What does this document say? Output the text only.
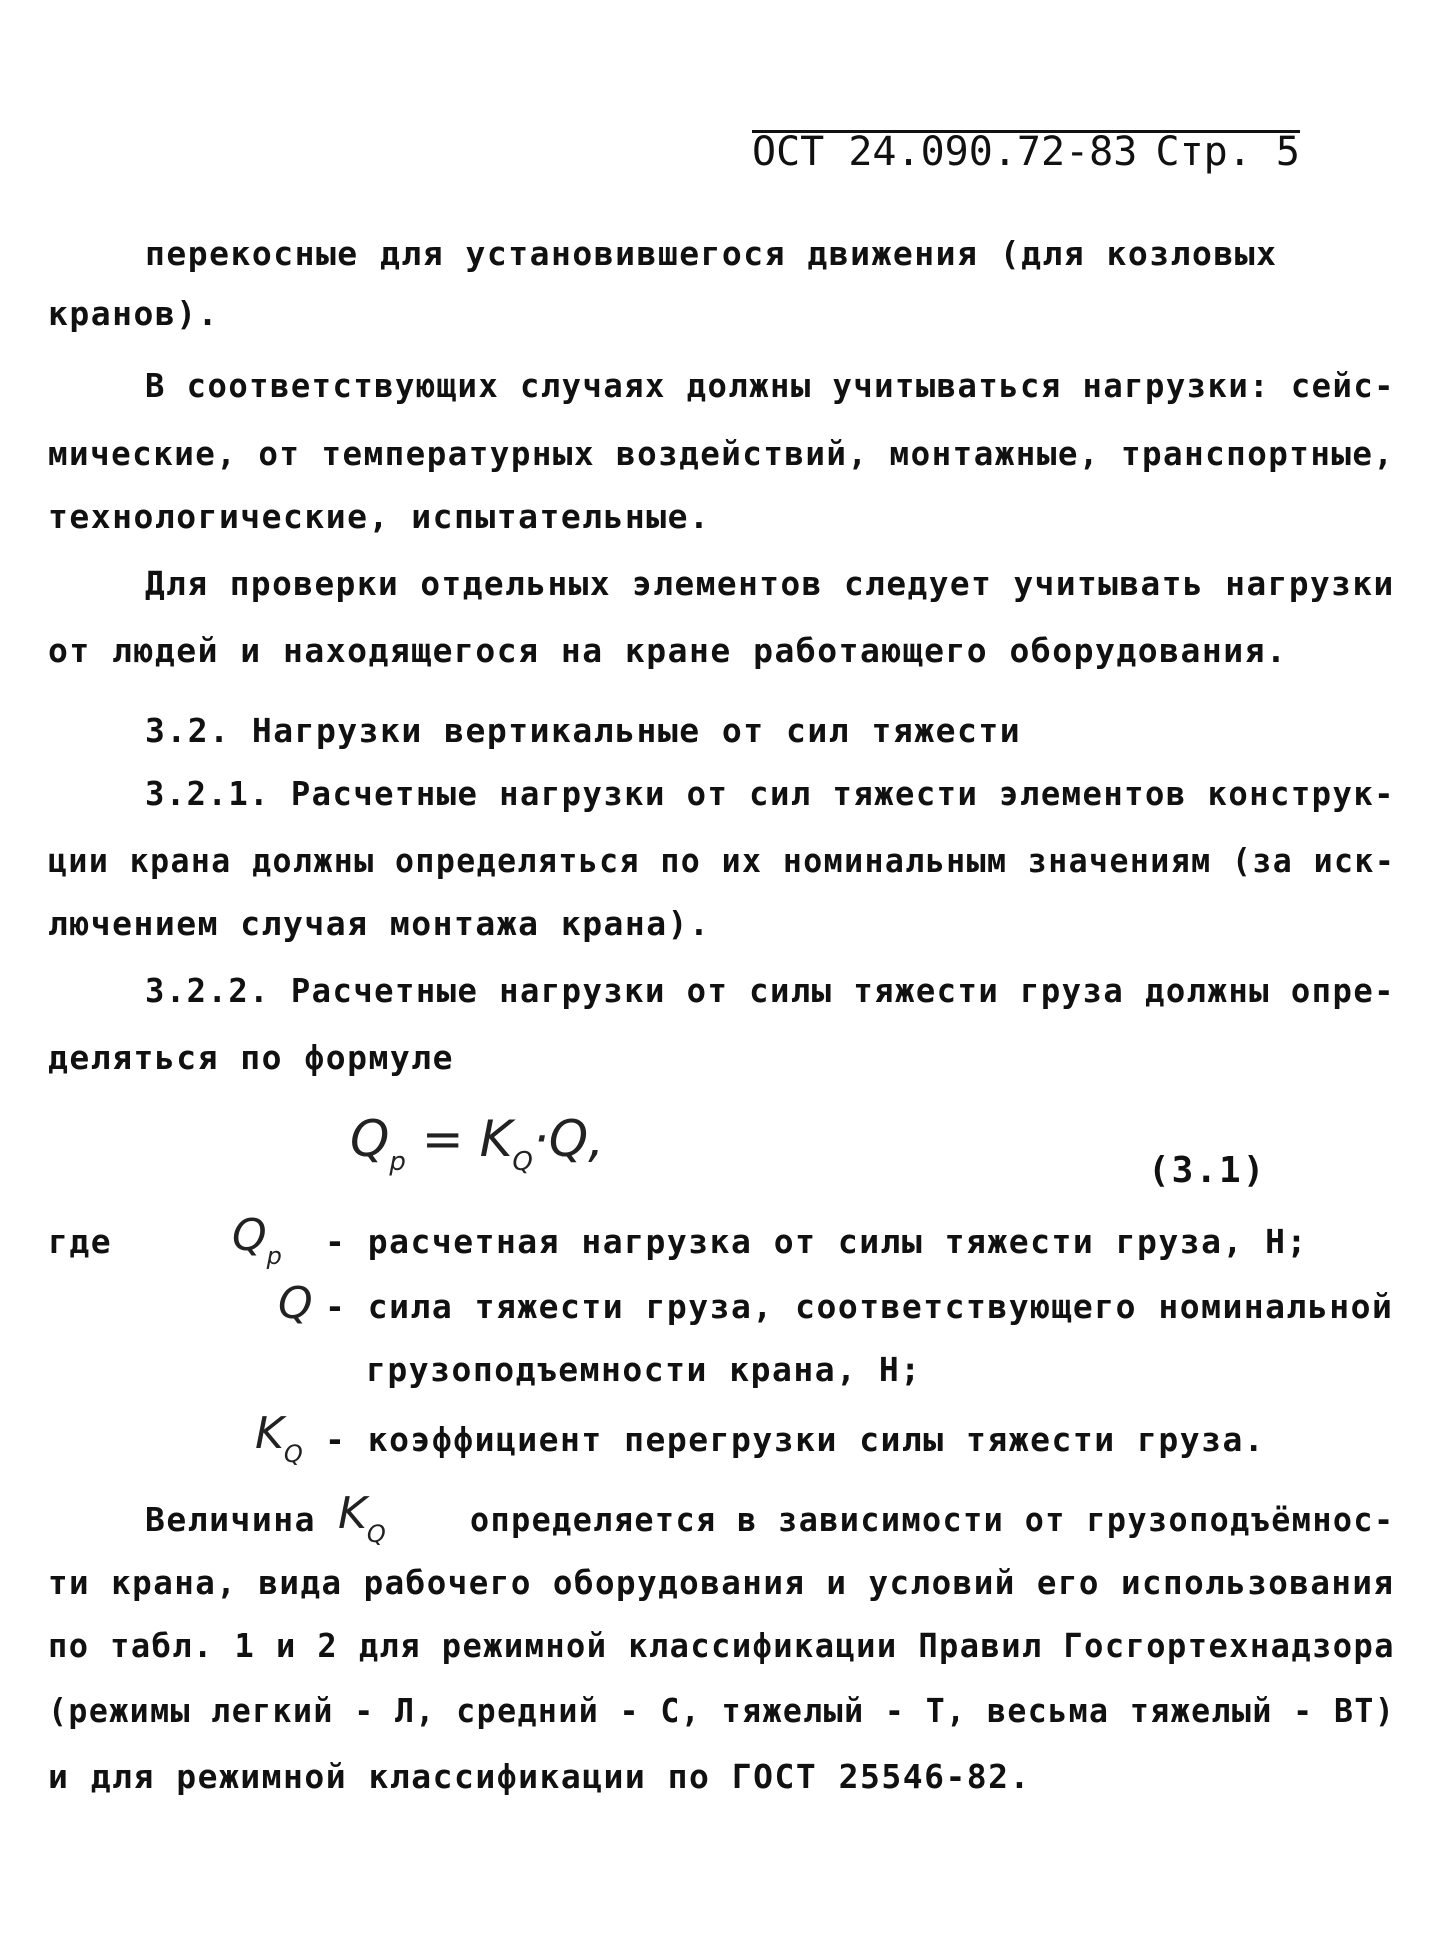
ОСТ 24.090.72-83 Стр. 5
перекосные для установившегося движения (для козловых
кранов).
В соответствующих случаях должны учитываться нагрузки: сейс-
мические, от температурных воздействий, монтажные, транспортные,
технологические, испытательные.
Для проверки отдельных элементов следует учитывать нагрузки
от людей и находящегося на кране работающего оборудования.
3.2. Нагрузки вертикальные от сил тяжести
3.2.1. Расчетные нагрузки от сил тяжести элементов конструк-
ции крана должны определяться по их номинальным значениям (за иск-
лючением случая монтажа крана).
3.2.2. Расчетные нагрузки от силы тяжести груза должны опре-
деляться по формуле
$Q_р = K_Q\cdot Q$,
(3.1)
где	$Q_р$ - расчетная нагрузка от силы тяжести груза, Н;
Q - сила тяжести груза, соответствующего номинальной
грузоподъемности крана, Н;
$K_Q$ - коэффициент перегрузки силы тяжести груза.
Величина $K_Q$	определяется в зависимости от грузоподъёмнос-
ти крана, вида рабочего оборудования и условий его использования
по табл. 1 и 2 для режимной классификации Правил Госгортехнадзора
(режимы легкий - Л, средний - С, тяжелый - Т, весьма тяжелый - ВТ)
и для режимной классификации по ГОСТ 25546-82.
